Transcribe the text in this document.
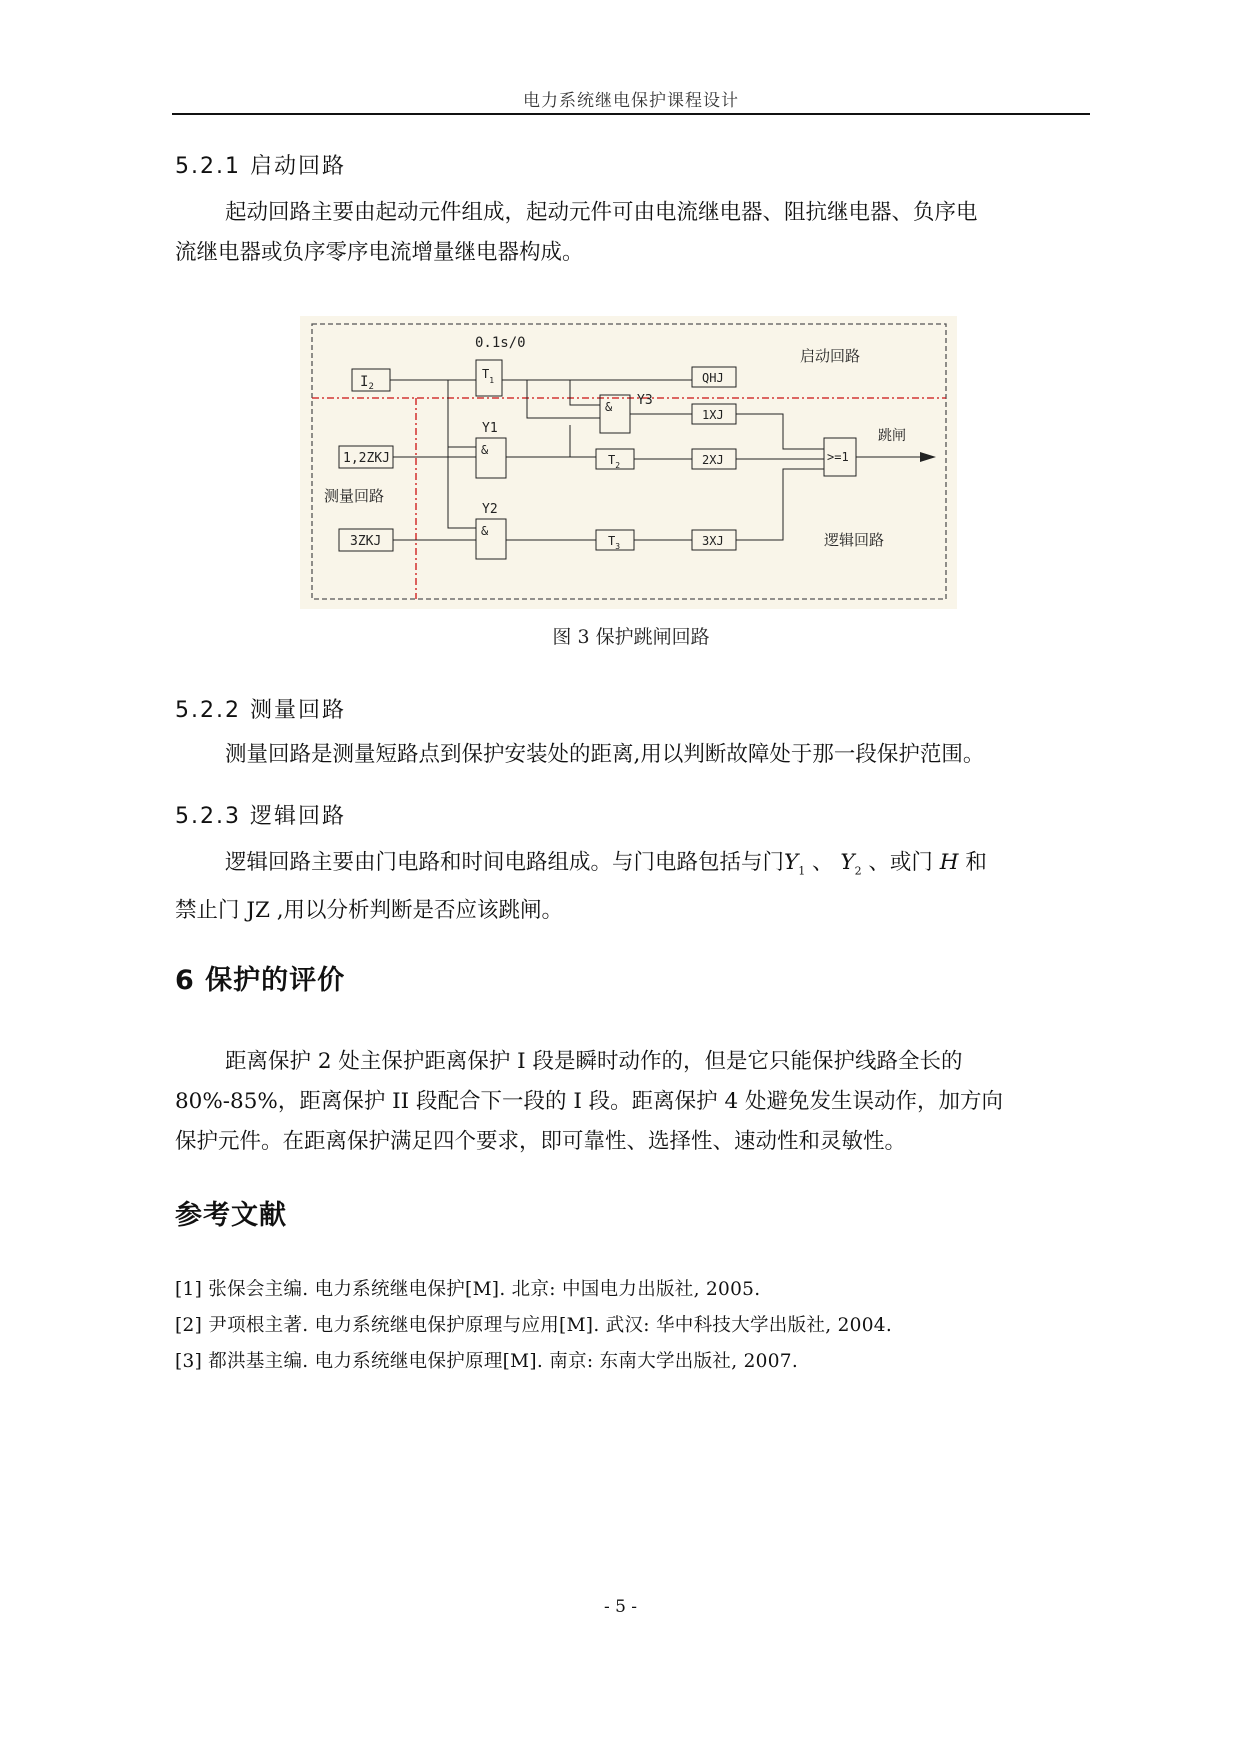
电力系统继电保护课程设计
5.2.1 启动回路
起动回路主要由起动元件组成，起动元件可由电流继电器、阻抗继电器、负序电
流继电器或负序零序电流增量继电器构成。
启动回路
测量回路
逻辑回路
0.1s/0
Y3
Y1
Y2
$I_2$
1,2ZKJ
3ZKJ
$T_1$
&
&
&
$T_2$
$T_3$
QHJ
1XJ
2XJ
3XJ
>=1
跳闸
图 3 保护跳闸回路
5.2.2 测量回路
测量回路是测量短路点到保护安装处的距离,用以判断故障处于那一段保护范围。
5.2.3 逻辑回路
逻辑回路主要由门电路和时间电路组成。与门电路包括与门$Y_1$ 、 $Y_2$ 、或门 H 和
禁止门 JZ ,用以分析判断是否应该跳闸。
6 保护的评价
距离保护 2 处主保护距离保护 I 段是瞬时动作的，但是它只能保护线路全长的
80%-85%，距离保护 II 段配合下一段的 I 段。距离保护 4 处避免发生误动作，加方向
保护元件。在距离保护满足四个要求，即可靠性、选择性、速动性和灵敏性。
参考文献
[1] 张保会主编. 电力系统继电保护[M]. 北京: 中国电力出版社, 2005.
[2] 尹项根主著. 电力系统继电保护原理与应用[M]. 武汉: 华中科技大学出版社, 2004.
[3] 都洪基主编. 电力系统继电保护原理[M]. 南京: 东南大学出版社, 2007.
- 5 -
